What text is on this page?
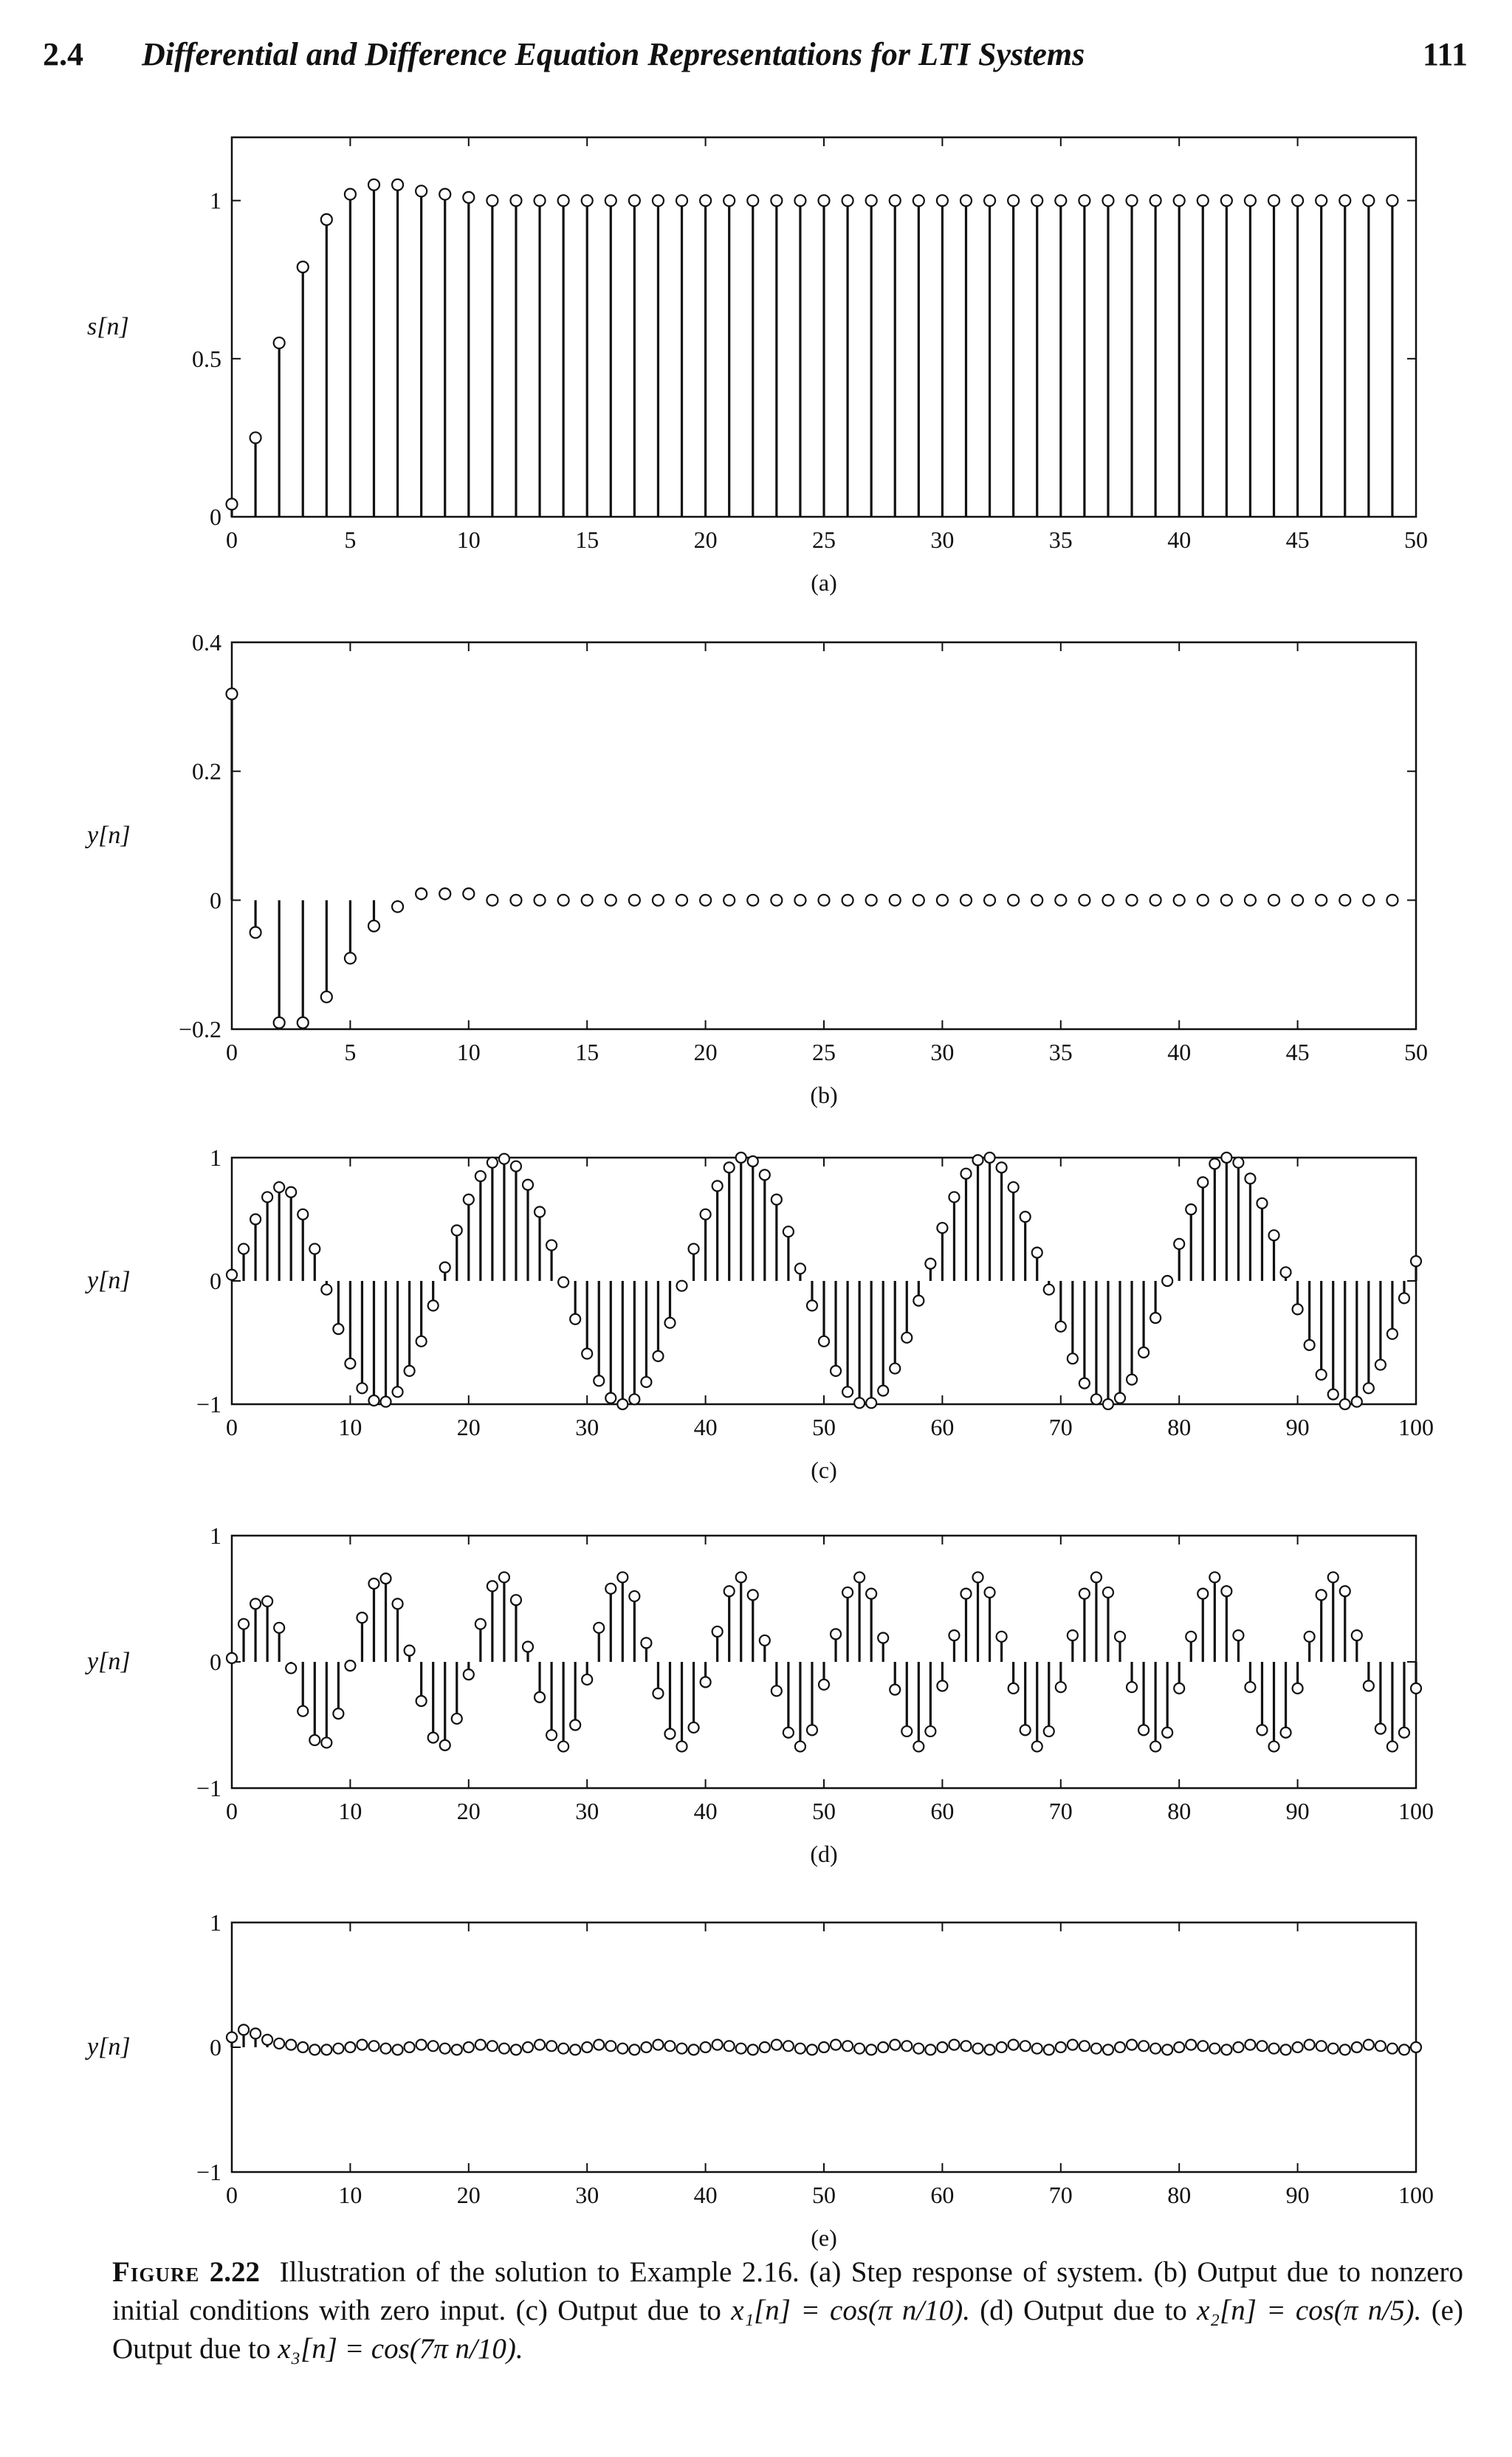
2.4 Differential and Difference Equation Representations for LTI Systems	111
0	5	10	15	20	25	30	35	40	45	50
0
0.5
1
s[n]
(a)
0	5	10	15	20	25	30	35	40	45	50
−0.2
0
0.2
0.4
y[n]
(b)
0	10	20	30	40	50	60	70	80	90	100
−1
0
1
y[n]
(c)
0	10	20	30	40	50	60	70	80	90	100
−1
0
1
y[n]
(d)
0	10	20	30	40	50	60	70	80	90	100
−1
0
1
y[n]
(e)
Figure 2.22 Illustration of the solution to Example 2.16. (a) Step response of system. (b) Output due to nonzero initial conditions with zero input. (c) Output due to x₁[n] = cos(π n/10). (d) Output due to x₂[n] = cos(π n/5). (e) Output due to x₃[n] = cos(7π n/10).
